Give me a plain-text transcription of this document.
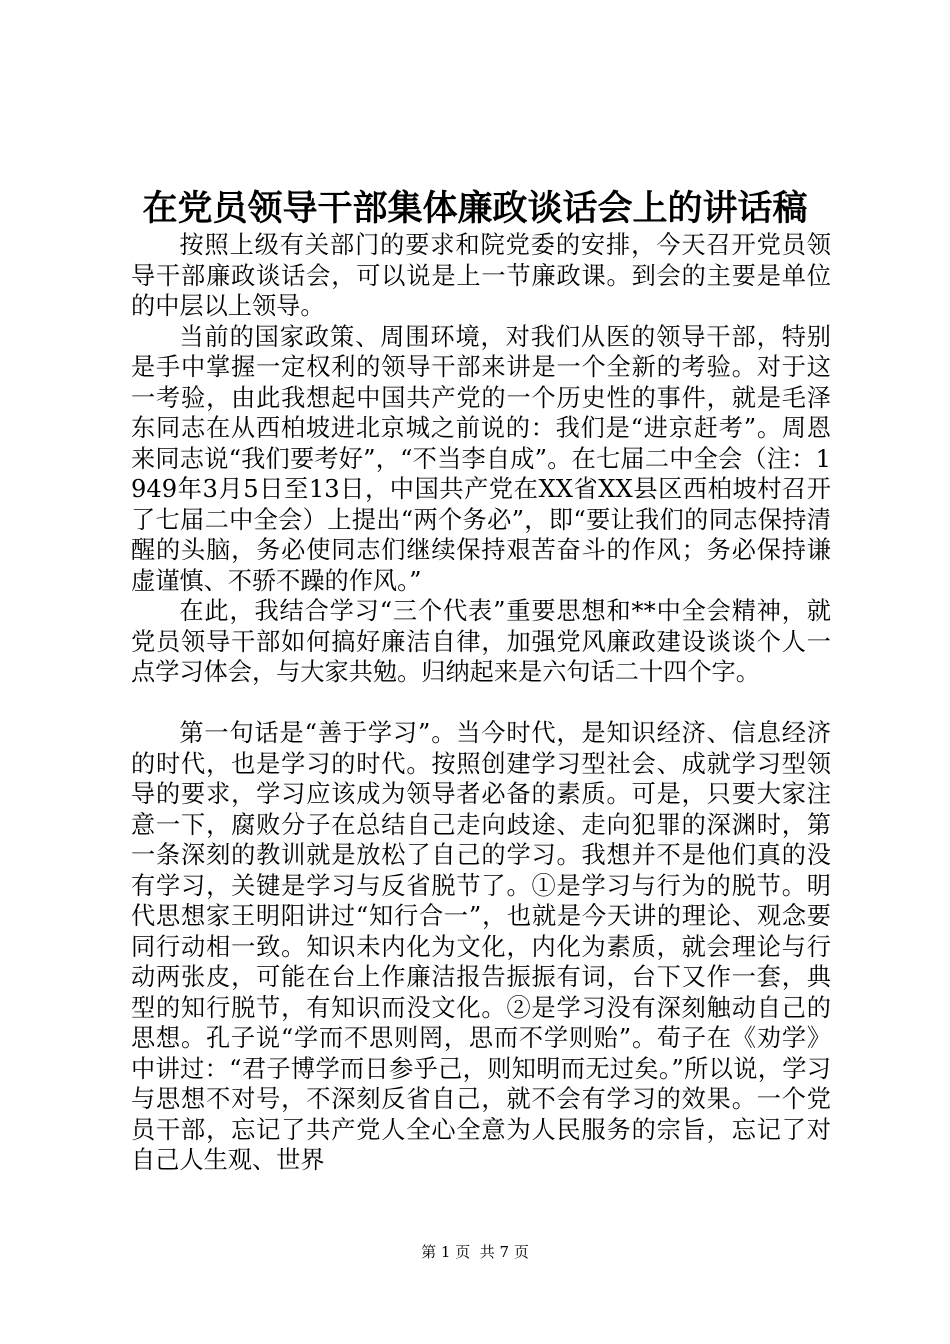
在党员领导干部集体廉政谈话会上的讲话稿

按照上级有关部门的要求和院党委的安排，今天召开党员领导干部廉政谈话会，可以说是上一节廉政课。到会的主要是单位的中层以上领导。

当前的国家政策、周围环境，对我们从医的领导干部，特别是手中掌握一定权利的领导干部来讲是一个全新的考验。对于这一考验，由此我想起中国共产党的一个历史性的事件，就是毛泽东同志在从西柏坡进北京城之前说的：我们是“进京赶考”。周恩来同志说“我们要考好”，“不当李自成”。在七届二中全会（注：1949年3月5日至13日，中国共产党在XX省XX县区西柏坡村召开了七届二中全会）上提出“两个务必”，即“要让我们的同志保持清醒的头脑，务必使同志们继续保持艰苦奋斗的作风；务必保持谦虚谨慎、不骄不躁的作风。”

在此，我结合学习“三个代表”重要思想和**中全会精神，就党员领导干部如何搞好廉洁自律，加强党风廉政建设谈谈个人一点学习体会，与大家共勉。归纳起来是六句话二十四个字。

第一句话是“善于学习”。当今时代，是知识经济、信息经济的时代，也是学习的时代。按照创建学习型社会、成就学习型领导的要求，学习应该成为领导者必备的素质。可是，只要大家注意一下，腐败分子在总结自己走向歧途、走向犯罪的深渊时，第一条深刻的教训就是放松了自己的学习。我想并不是他们真的没有学习，关键是学习与反省脱节了。①是学习与行为的脱节。明代思想家王明阳讲过“知行合一”，也就是今天讲的理论、观念要同行动相一致。知识未内化为文化，内化为素质，就会理论与行动两张皮，可能在台上作廉洁报告振振有词，台下又作一套，典型的知行脱节，有知识而没文化。②是学习没有深刻触动自己的思想。孔子说“学而不思则罔，思而不学则贻”。荀子在《劝学》中讲过：“君子博学而日参乎己，则知明而无过矣。”所以说，学习与思想不对号，不深刻反省自己，就不会有学习的效果。一个党员干部，忘记了共产党人全心全意为人民服务的宗旨，忘记了对自己人生观、世界

第 1 页  共 7 页
